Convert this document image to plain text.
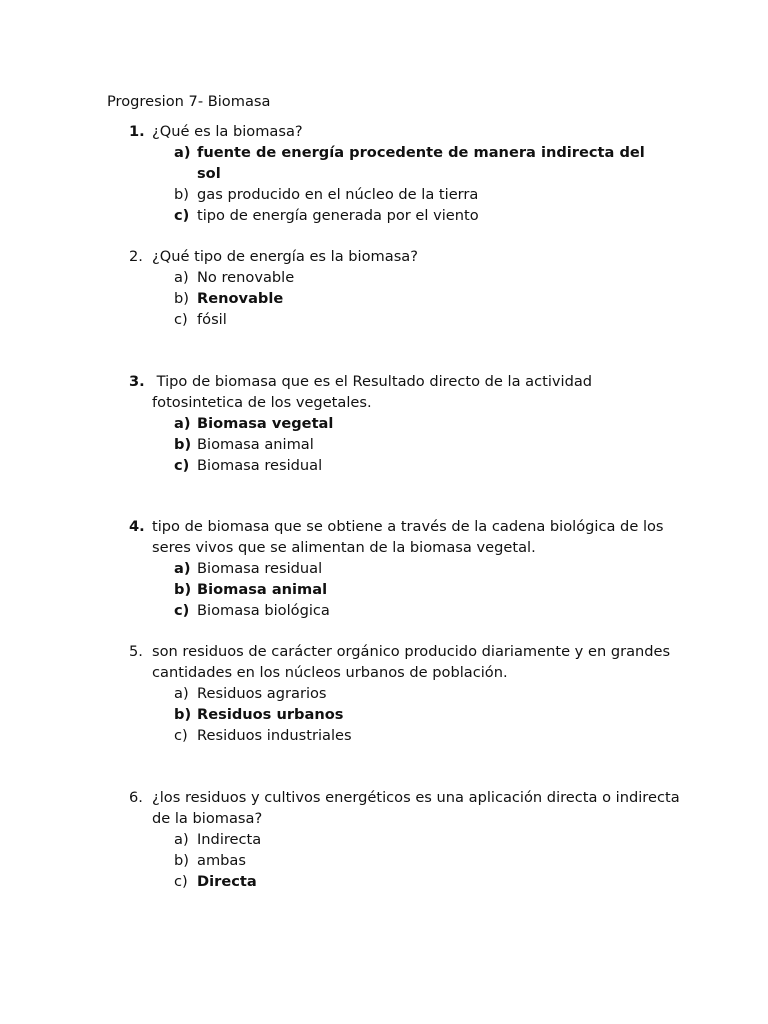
Progresion 7- Biomasa
1. ¿Qué es la biomasa?
a) fuente de energía procedente de manera indirecta del sol
b) gas producido en el núcleo de la tierra
c) tipo de energía generada por el viento
2. ¿Qué tipo de energía es la biomasa?
a) No renovable
b) Renovable
c) fósil
3. Tipo de biomasa que es el Resultado directo de la actividad fotosintetica de los vegetales.
a) Biomasa vegetal
b) Biomasa animal
c) Biomasa residual
4. tipo de biomasa que se obtiene a través de la cadena biológica de los seres vivos que se alimentan de la biomasa vegetal.
a) Biomasa residual
b) Biomasa animal
c) Biomasa biológica
5. son residuos de carácter orgánico producido diariamente y en grandes cantidades en los núcleos urbanos de población.
a) Residuos agrarios
b) Residuos urbanos
c) Residuos industriales
6. ¿los residuos y cultivos energéticos es una aplicación directa o indirecta de la biomasa?
a) Indirecta
b) ambas
c) Directa
